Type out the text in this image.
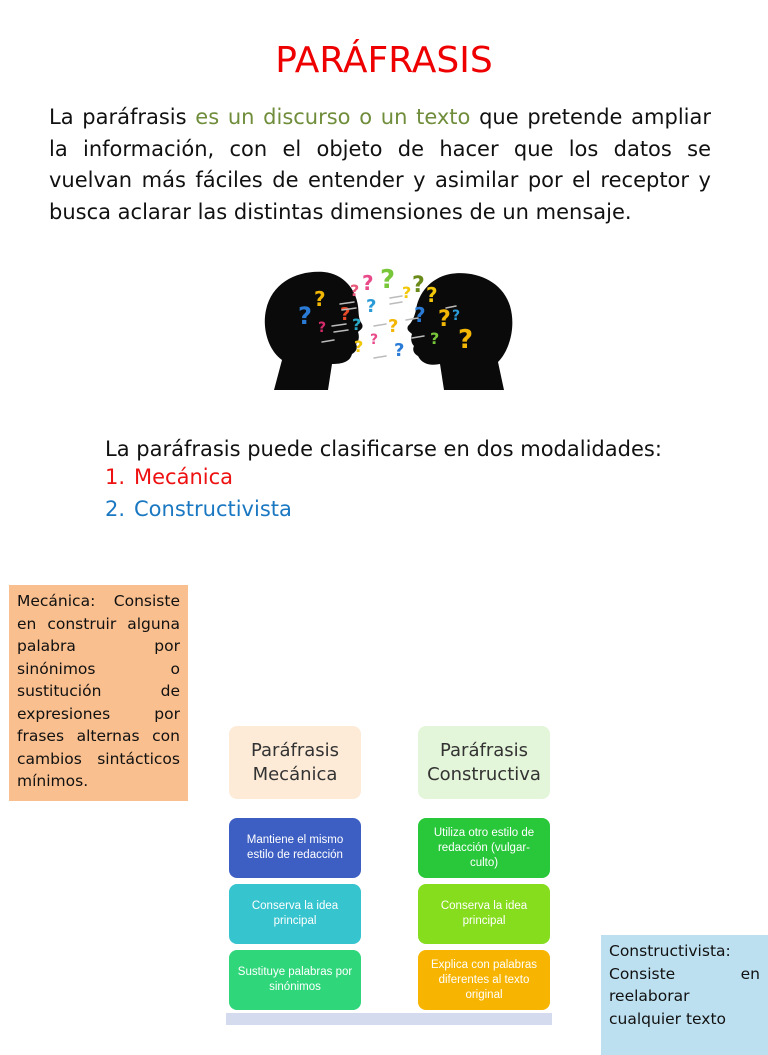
PARÁFRASIS

La paráfrasis es un discurso o un texto que pretende ampliar la información, con el objeto de hacer que los datos se vuelvan más fáciles de entender y asimilar por el receptor y busca aclarar las distintas dimensiones de un mensaje.

?
? ?
?
? ? ?
?
?
? ?
?
?
? ? ?
? ? ?
?
?
La paráfrasis puede clasificarse en dos modalidades:
1. Mecánica
2. Constructivista
Mecánica: Consiste en construir alguna palabra por sinónimos o sustitución de expresiones por frases alternas con cambios sintácticos mínimos.
Paráfrasis
Mecánica
Paráfrasis
Constructiva
Mantiene el mismo estilo de redacción
Conserva la idea principal
Sustituye palabras por sinónimos
Utiliza otro estilo de redacción (vulgar-culto)
Conserva la idea principal
Explica con palabras diferentes al texto original
Constructivista: Consiste en reelaborar cualquier texto
